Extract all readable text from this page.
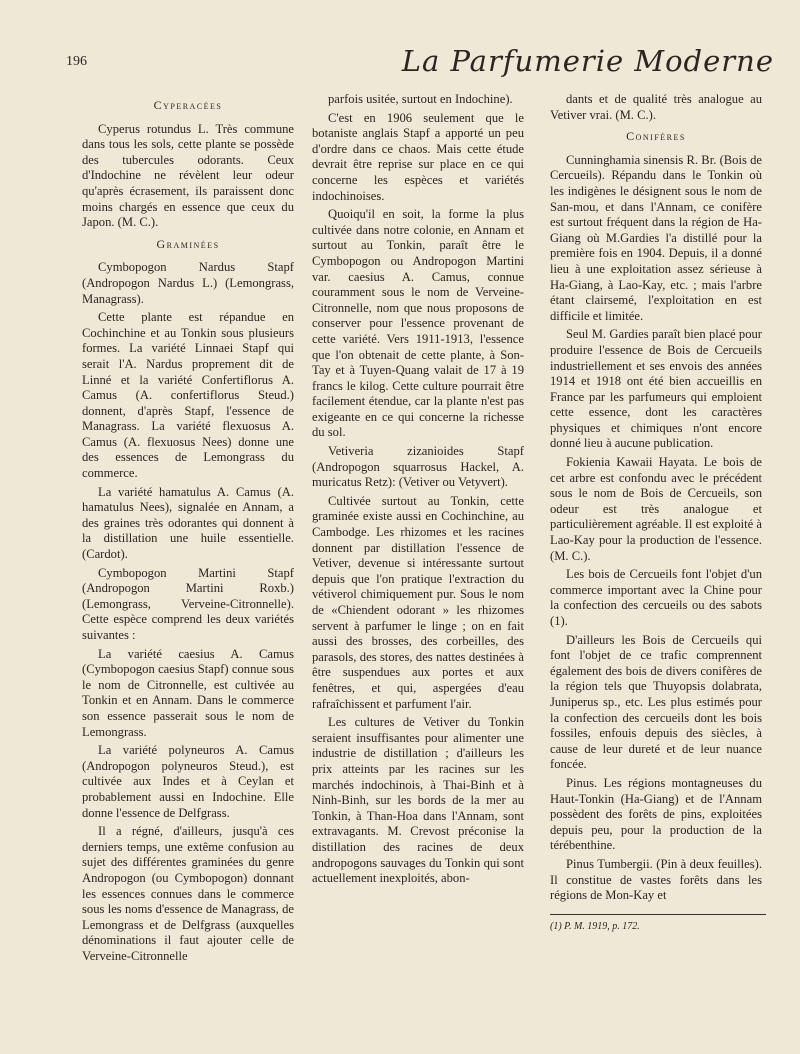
196	La Parfumerie Moderne
Cyperacées

Cyperus rotundus L. Très commune dans tous les sols, cette plante se possède des tubercules odorants. Ceux d'Indochine ne révèlent leur odeur qu'après écrasement, ils paraissent donc moins chargés en essence que ceux du Japon. (M. C.).

Graminées

Cymbopogon Nardus Stapf (Andropogon Nardus L.) (Lemongrass, Managrass).

Cette plante est répandue en Cochinchine et au Tonkin sous plusieurs formes. La variété Linnaei Stapf qui serait l'A. Nardus proprement dit de Linné et la variété Confertiflorus A. Camus (A. confertiflorus Steud.) donnent, d'après Stapf, l'essence de Managrass. La variété flexuosus A. Camus (A. flexuosus Nees) donne une des essences de Lemongrass du commerce.

La variété hamatulus A. Camus (A. hamatulus Nees), signalée en Annam, a des graines très odorantes qui donnent à la distillation une huile essentielle. (Cardot).

Cymbopogon Martini Stapf (Andropogon Martini Roxb.) (Lemongrass, Verveine-Citronnelle). Cette espèce comprend les deux variétés suivantes :

La variété caesius A. Camus (Cymbopogon caesius Stapf) connue sous le nom de Citronnelle, est cultivée au Tonkin et en Annam. Dans le commerce son essence passerait sous le nom de Lemongrass.

La variété polyneuros A. Camus (Andropogon polyneuros Steud.), est cultivée aux Indes et à Ceylan et probablement aussi en Indochine. Elle donne l'essence de Delfgrass.

Il a régné, d'ailleurs, jusqu'à ces derniers temps, une extême confusion au sujet des différentes graminées du genre Andropogon (ou Cymbopogon) donnant les essences connues dans le commerce sous les noms d'essence de Managrass, de Lemongrass et de Delfgrass (auxquelles dénominations il faut ajouter celle de Verveine-Citronnelle

parfois usitée, surtout en Indochine).

C'est en 1906 seulement que le botaniste anglais Stapf a apporté un peu d'ordre dans ce chaos. Mais cette étude devrait être reprise sur place en ce qui concerne les espèces et variétés indochinoises.

Quoiqu'il en soit, la forme la plus cultivée dans notre colonie, en Annam et surtout au Tonkin, paraît être le Cymbopogon ou Andropogon Martini var. caesius A. Camus, connue couramment sous le nom de Verveine-Citronnelle, nom que nous proposons de conserver pour l'essence provenant de cette variété. Vers 1911-1913, l'essence que l'on obtenait de cette plante, à Son-Tay et à Tuyen-Quang valait de 17 à 19 francs le kilog. Cette culture pourrait être facilement étendue, car la plante n'est pas exigeante en ce qui concerne la richesse du sol.

Vetiveria zizanioides Stapf (Andropogon squarrosus Hackel, A. muricatus Retz): (Vetiver ou Vetyvert).

Cultivée surtout au Tonkin, cette graminée existe aussi en Cochinchine, au Cambodge. Les rhizomes et les racines donnent par distillation l'essence de Vetiver, devenue si intéressante surtout depuis que l'on pratique l'extraction du vétiverol chimiquement pur. Sous le nom de «Chiendent odorant » les rhizomes servent à parfumer le linge ; on en fait aussi des brosses, des corbeilles, des parasols, des stores, des nattes destinées à être suspendues aux portes et aux fenêtres, et qui, aspergées d'eau rafraîchissent et parfument l'air.

Les cultures de Vetiver du Tonkin seraient insuffisantes pour alimenter une industrie de distillation ; d'ailleurs les prix atteints par les racines sur les marchés indochinois, à Thai-Binh et à Ninh-Binh, sur les bords de la mer au Tonkin, à Than-Hoa dans l'Annam, sont extravagants. M. Crevost préconise la distillation des racines de deux andropogons sauvages du Tonkin qui sont actuellement inexploités, abon-

dants et de qualité très analogue au Vetiver vrai. (M. C.).

Conifères

Cunninghamia sinensis R. Br. (Bois de Cercueils). Répandu dans le Tonkin où les indigènes le désignent sous le nom de San-mou, et dans l'Annam, ce conifère est surtout fréquent dans la région de Ha-Giang où M.Gardies l'a distillé pour la première fois en 1904. Depuis, il a donné lieu à une exploitation assez sérieuse à Ha-Giang, à Lao-Kay, etc. ; mais l'arbre étant clairsemé, l'exploitation en est difficile et limitée.

Seul M. Gardies paraît bien placé pour produire l'essence de Bois de Cercueils industriellement et ses envois des années 1914 et 1918 ont été bien accueillis en France par les parfumeurs qui emploient cette essence, dont les caractères physiques et chimiques n'ont encore donné lieu à aucune publication.

Fokienia Kawaii Hayata. Le bois de cet arbre est confondu avec le précédent sous le nom de Bois de Cercueils, son odeur est très analogue et particulièrement agréable. Il est exploité à Lao-Kay pour la production de l'essence. (M. C.).

Les bois de Cercueils font l'objet d'un commerce important avec la Chine pour la confection des cercueils ou des sabots (1).

D'ailleurs les Bois de Cercueils qui font l'objet de ce trafic comprennent également des bois de divers conifères de la région tels que Thuyopsis dolabrata, Juniperus sp., etc. Les plus estimés pour la confection des cercueils dont les bois fossiles, enfouis depuis des siècles, à cause de leur dureté et de leur nuance foncée.

Pinus. Les régions montagneuses du Haut-Tonkin (Ha-Giang) et de l'Annam possèdent des forêts de pins, exploitées depuis peu, pour la production de la térébenthine.

Pinus Tumbergii. (Pin à deux feuilles). Il constitue de vastes forêts dans les régions de Mon-Kay et

(1) P. M. 1919, p. 172.
